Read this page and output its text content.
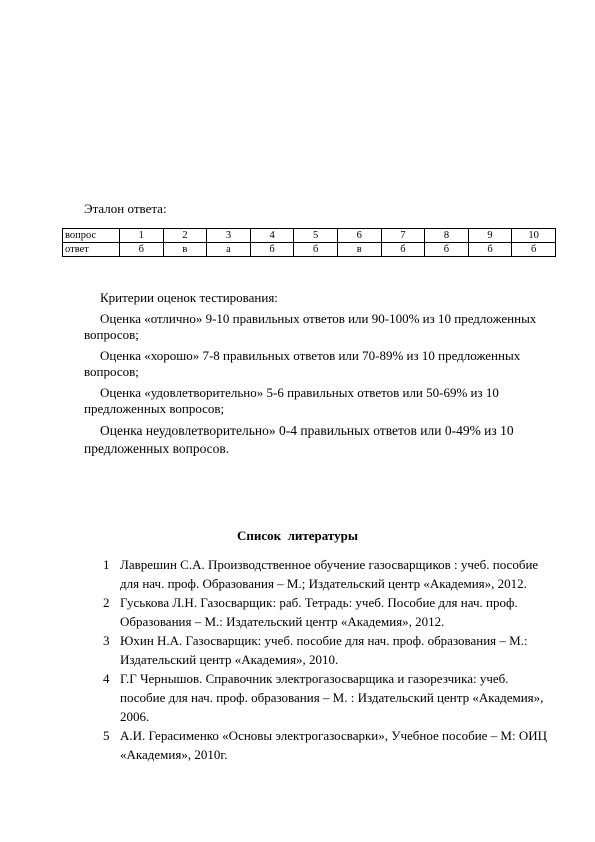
Эталон ответа:
вопрос	1	2	3	4	5	6	7	8	9	10
ответ	б	в	а	б	б	в	б	б	б	б

Критерии оценок тестирования:

Оценка «отлично» 9-10 правильных ответов или 90-100% из 10 предложенных вопросов;

Оценка «хорошо» 7-8 правильных ответов или 70-89% из 10 предложенных вопросов;

Оценка «удовлетворительно» 5-6 правильных ответов или 50-69% из 10 предложенных вопросов;

Оценка неудовлетворительно» 0-4 правильных ответов или 0-49% из 10 предложенных вопросов.

Список  литературы
1 Лаврешин С.А. Производственное обучение газосварщиков : учеб. пособие для нач. проф. Образования – М.; Издательский центр «Академия», 2012.
2 Гуськова Л.Н. Газосварщик: раб. Тетрадь: учеб. Пособие для нач. проф. Образования – М.: Издательский центр «Академия», 2012.
3 Юхин Н.А. Газосварщик: учеб. пособие для нач. проф. образования – М.: Издательский центр «Академия», 2010.
4 Г.Г Чернышов. Справочник электрогазосварщика и газорезчика: учеб. пособие для нач. проф. образования – М. : Издательский центр «Академия», 2006.
5 А.И. Герасименко «Основы электрогазосварки», Учебное пособие – М: ОИЦ «Академия», 2010г.
